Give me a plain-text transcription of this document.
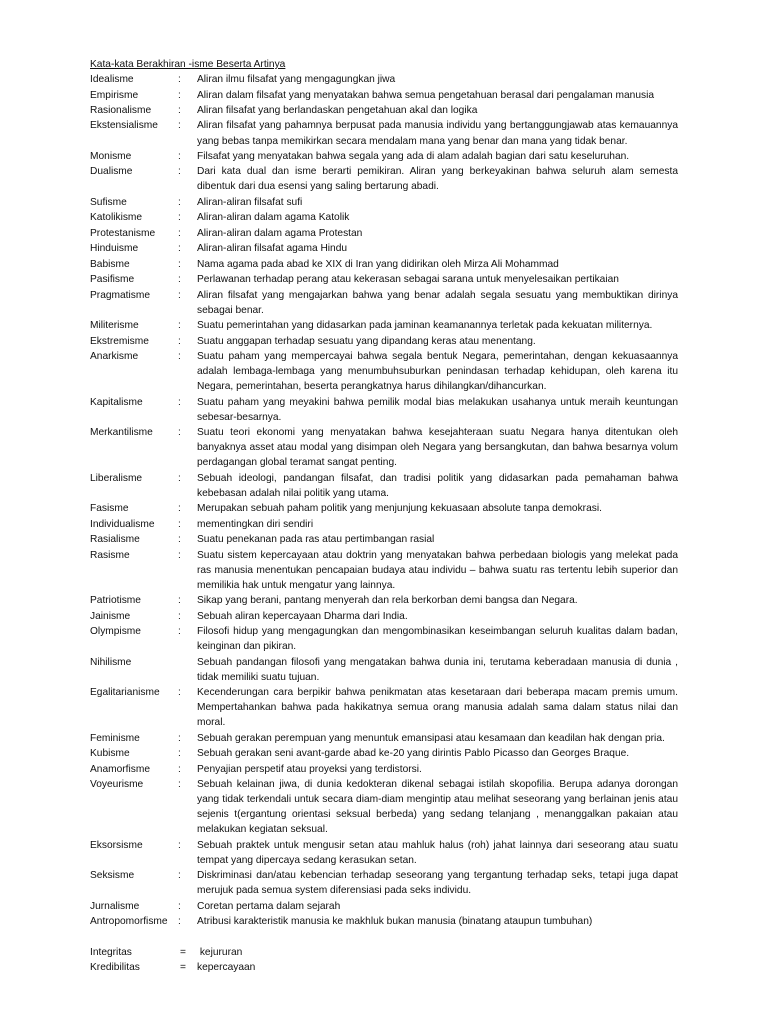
Kata-kata Berakhiran -isme Beserta Artinya
Idealisme	:	Aliran ilmu filsafat yang mengagungkan jiwa
Empirisme	:	Aliran dalam filsafat yang menyatakan bahwa semua pengetahuan berasal dari pengalaman manusia
Rasionalisme	:	Aliran filsafat yang berlandaskan pengetahuan akal dan logika
Ekstensialisme	:	Aliran filsafat yang pahamnya berpusat pada manusia individu yang bertanggungjawab atas kemauannya yang bebas tanpa memikirkan secara mendalam mana yang benar dan mana yang tidak benar.
Monisme	:	Filsafat yang menyatakan bahwa segala yang ada di alam adalah bagian dari satu keseluruhan.
Dualisme	:	Dari kata dual dan isme berarti pemikiran. Aliran yang berkeyakinan bahwa seluruh alam semesta dibentuk dari dua esensi yang saling bertarung abadi.
Sufisme	:	Aliran-aliran filsafat sufi
Katolikisme	:	Aliran-aliran dalam agama Katolik
Protestanisme	:	Aliran-aliran dalam agama Protestan
Hinduisme	:	Aliran-aliran filsafat agama Hindu
Babisme	:	Nama agama pada abad ke XIX di Iran yang didirikan oleh Mirza Ali Mohammad
Pasifisme	:	Perlawanan terhadap perang atau kekerasan sebagai sarana untuk menyelesaikan pertikaian
Pragmatisme	:	Aliran filsafat yang mengajarkan bahwa yang benar adalah segala sesuatu yang membuktikan dirinya sebagai benar.
Militerisme	:	Suatu pemerintahan yang didasarkan pada jaminan keamanannya terletak pada kekuatan militernya.
Ekstremisme	:	Suatu anggapan terhadap sesuatu yang dipandang keras atau menentang.
Anarkisme	:	Suatu paham yang mempercayai bahwa segala bentuk Negara, pemerintahan, dengan kekuasaannya adalah lembaga-lembaga yang menumbuhsuburkan penindasan terhadap kehidupan, oleh karena itu Negara, pemerintahan, beserta perangkatnya harus dihilangkan/dihancurkan.
Kapitalisme	:	Suatu paham yang meyakini bahwa pemilik modal bias melakukan usahanya untuk meraih keuntungan sebesar-besarnya.
Merkantilisme	:	Suatu teori ekonomi yang menyatakan bahwa kesejahteraan suatu Negara hanya ditentukan oleh banyaknya asset atau modal yang disimpan oleh Negara yang bersangkutan, dan bahwa besarnya volum perdagangan global teramat sangat penting.
Liberalisme	:	Sebuah ideologi, pandangan filsafat, dan tradisi politik yang didasarkan pada pemahaman bahwa kebebasan adalah nilai politik yang utama.
Fasisme	:	Merupakan sebuah paham politik yang menjunjung kekuasaan absolute tanpa demokrasi.
Individualisme	:	mementingkan diri sendiri
Rasialisme	:	Suatu penekanan pada ras atau pertimbangan rasial
Rasisme	:	Suatu sistem kepercayaan atau doktrin yang menyatakan bahwa perbedaan biologis yang melekat pada ras manusia menentukan pencapaian budaya atau individu – bahwa suatu ras tertentu lebih superior dan memilikia hak untuk mengatur yang lainnya.
Patriotisme	:	Sikap yang berani, pantang menyerah dan rela berkorban demi bangsa dan Negara.
Jainisme	:	Sebuah aliran kepercayaan Dharma dari India.
Olympisme	:	Filosofi hidup yang mengagungkan dan mengombinasikan keseimbangan seluruh kualitas dalam badan, keinginan dan pikiran.
Nihilisme	Sebuah pandangan filosofi yang mengatakan bahwa dunia ini, terutama keberadaan manusia di dunia , tidak memiliki suatu tujuan.
Egalitarianisme	:	Kecenderungan cara berpikir bahwa penikmatan atas kesetaraan dari beberapa macam premis umum. Mempertahankan bahwa pada hakikatnya semua orang manusia adalah sama dalam status nilai dan moral.
Feminisme	:	Sebuah gerakan perempuan yang menuntuk emansipasi atau kesamaan dan keadilan hak dengan pria.
Kubisme	:	Sebuah gerakan seni avant-garde abad ke-20 yang dirintis Pablo Picasso dan Georges Braque.
Anamorfisme	:	Penyajian perspetif atau proyeksi yang terdistorsi.
Voyeurisme	:	Sebuah kelainan jiwa, di dunia kedokteran dikenal sebagai istilah skopofilia. Berupa adanya dorongan yang tidak terkendali untuk secara diam-diam mengintip atau melihat seseorang yang berlainan jenis atau sejenis t(ergantung orientasi seksual berbeda) yang sedang telanjang , menanggalkan pakaian atau melakukan kegiatan seksual.
Eksorsisme	:	Sebuah praktek untuk mengusir setan atau mahluk halus (roh) jahat lainnya dari seseorang atau suatu tempat yang dipercaya sedang kerasukan setan.
Seksisme	:	Diskriminasi dan/atau kebencian terhadap seseorang yang tergantung terhadap seks, tetapi juga dapat merujuk pada semua system diferensiasi pada seks individu.
Jurnalisme	:	Coretan pertama dalam sejarah
Antropomorfisme	:	Atribusi karakteristik manusia ke makhluk bukan manusia (binatang ataupun tumbuhan)
Integritas	=	kejururan
Kredibilitas	=	kepercayaan
